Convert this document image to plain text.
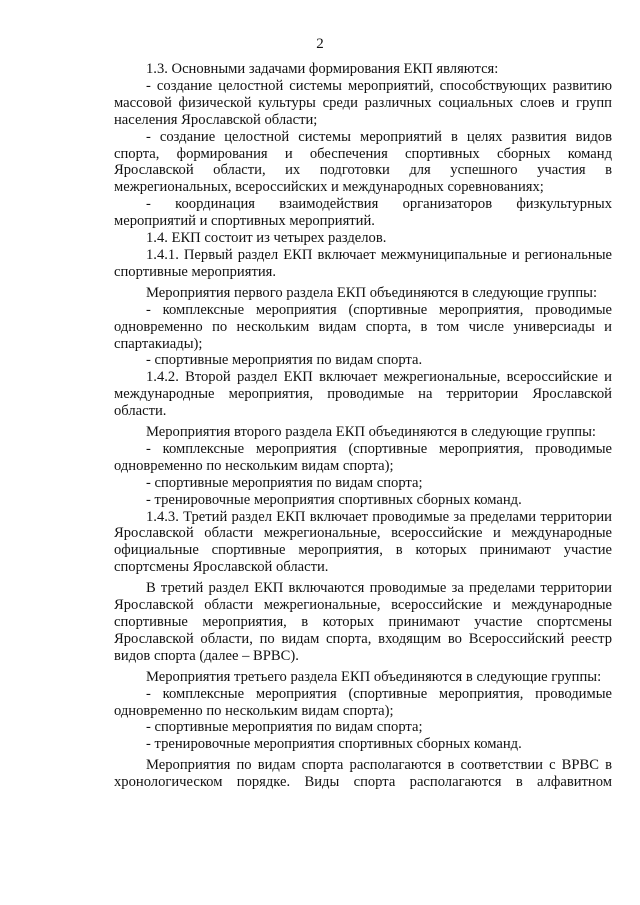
2

1.3. Основными задачами формирования ЕКП являются:

- создание целостной системы мероприятий, способствующих развитию массовой физической культуры среди различных социальных слоев и групп населения Ярославской области;

- создание целостной системы мероприятий в целях развития видов спорта, формирования и обеспечения спортивных сборных команд Ярославской области, их подготовки для успешного участия в межрегиональных, всероссийских и международных соревнованиях;

- координация взаимодействия организаторов физкультурных мероприятий и спортивных мероприятий.

1.4. ЕКП состоит из четырех разделов.

1.4.1. Первый раздел ЕКП включает межмуниципальные и региональные спортивные мероприятия.

Мероприятия первого раздела ЕКП объединяются в следующие группы:

- комплексные мероприятия (спортивные мероприятия, проводимые одновременно по нескольким видам спорта, в том числе универсиады и спартакиады);

- спортивные мероприятия по видам спорта.

1.4.2. Второй раздел ЕКП включает межрегиональные, всероссийские и международные мероприятия, проводимые на территории Ярославской области.

Мероприятия второго раздела ЕКП объединяются в следующие группы:

- комплексные мероприятия (спортивные мероприятия, проводимые одновременно по нескольким видам спорта);

- спортивные мероприятия по видам спорта;

- тренировочные мероприятия спортивных сборных команд.

1.4.3. Третий раздел ЕКП включает проводимые за пределами территории Ярославской области межрегиональные, всероссийские и международные официальные спортивные мероприятия, в которых принимают участие спортсмены Ярославской области.

В третий раздел ЕКП включаются проводимые за пределами территории Ярославской области межрегиональные, всероссийские и международные спортивные мероприятия, в которых принимают участие спортсмены Ярославской области, по видам спорта, входящим во Всероссийский реестр видов спорта (далее – ВРВС).

Мероприятия третьего раздела ЕКП объединяются в следующие группы:

- комплексные мероприятия (спортивные мероприятия, проводимые одновременно по нескольким видам спорта);

- спортивные мероприятия по видам спорта;

- тренировочные мероприятия спортивных сборных команд.

Мероприятия по видам спорта располагаются в соответствии с ВРВС в хронологическом порядке. Виды спорта располагаются в алфавитном
